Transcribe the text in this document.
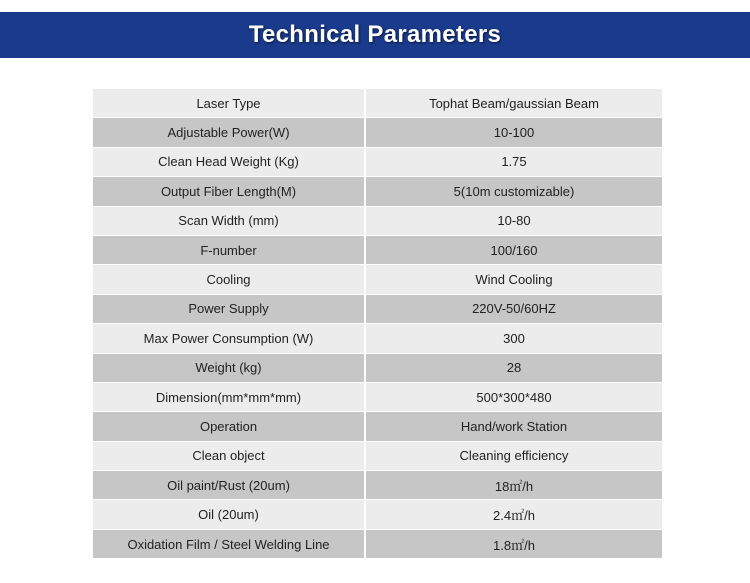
Technical Parameters
Laser Type	Tophat Beam/gaussian Beam
Adjustable Power(W)	10-100
Clean Head Weight (Kg)	1.75
Output Fiber Length(M)	5(10m customizable)
Scan Width (mm)	10-80
F-number	100/160
Cooling	Wind Cooling
Power Supply	220V-50/60HZ
Max Power Consumption (W)	300
Weight (kg)	28
Dimension(mm*mm*mm)	500*300*480
Operation	Hand/work Station
Clean object	Cleaning efficiency
Oil paint/Rust (20um)	18㎡/h
Oil (20um)	2.4㎡/h
Oxidation Film / Steel Welding Line	1.8㎡/h
